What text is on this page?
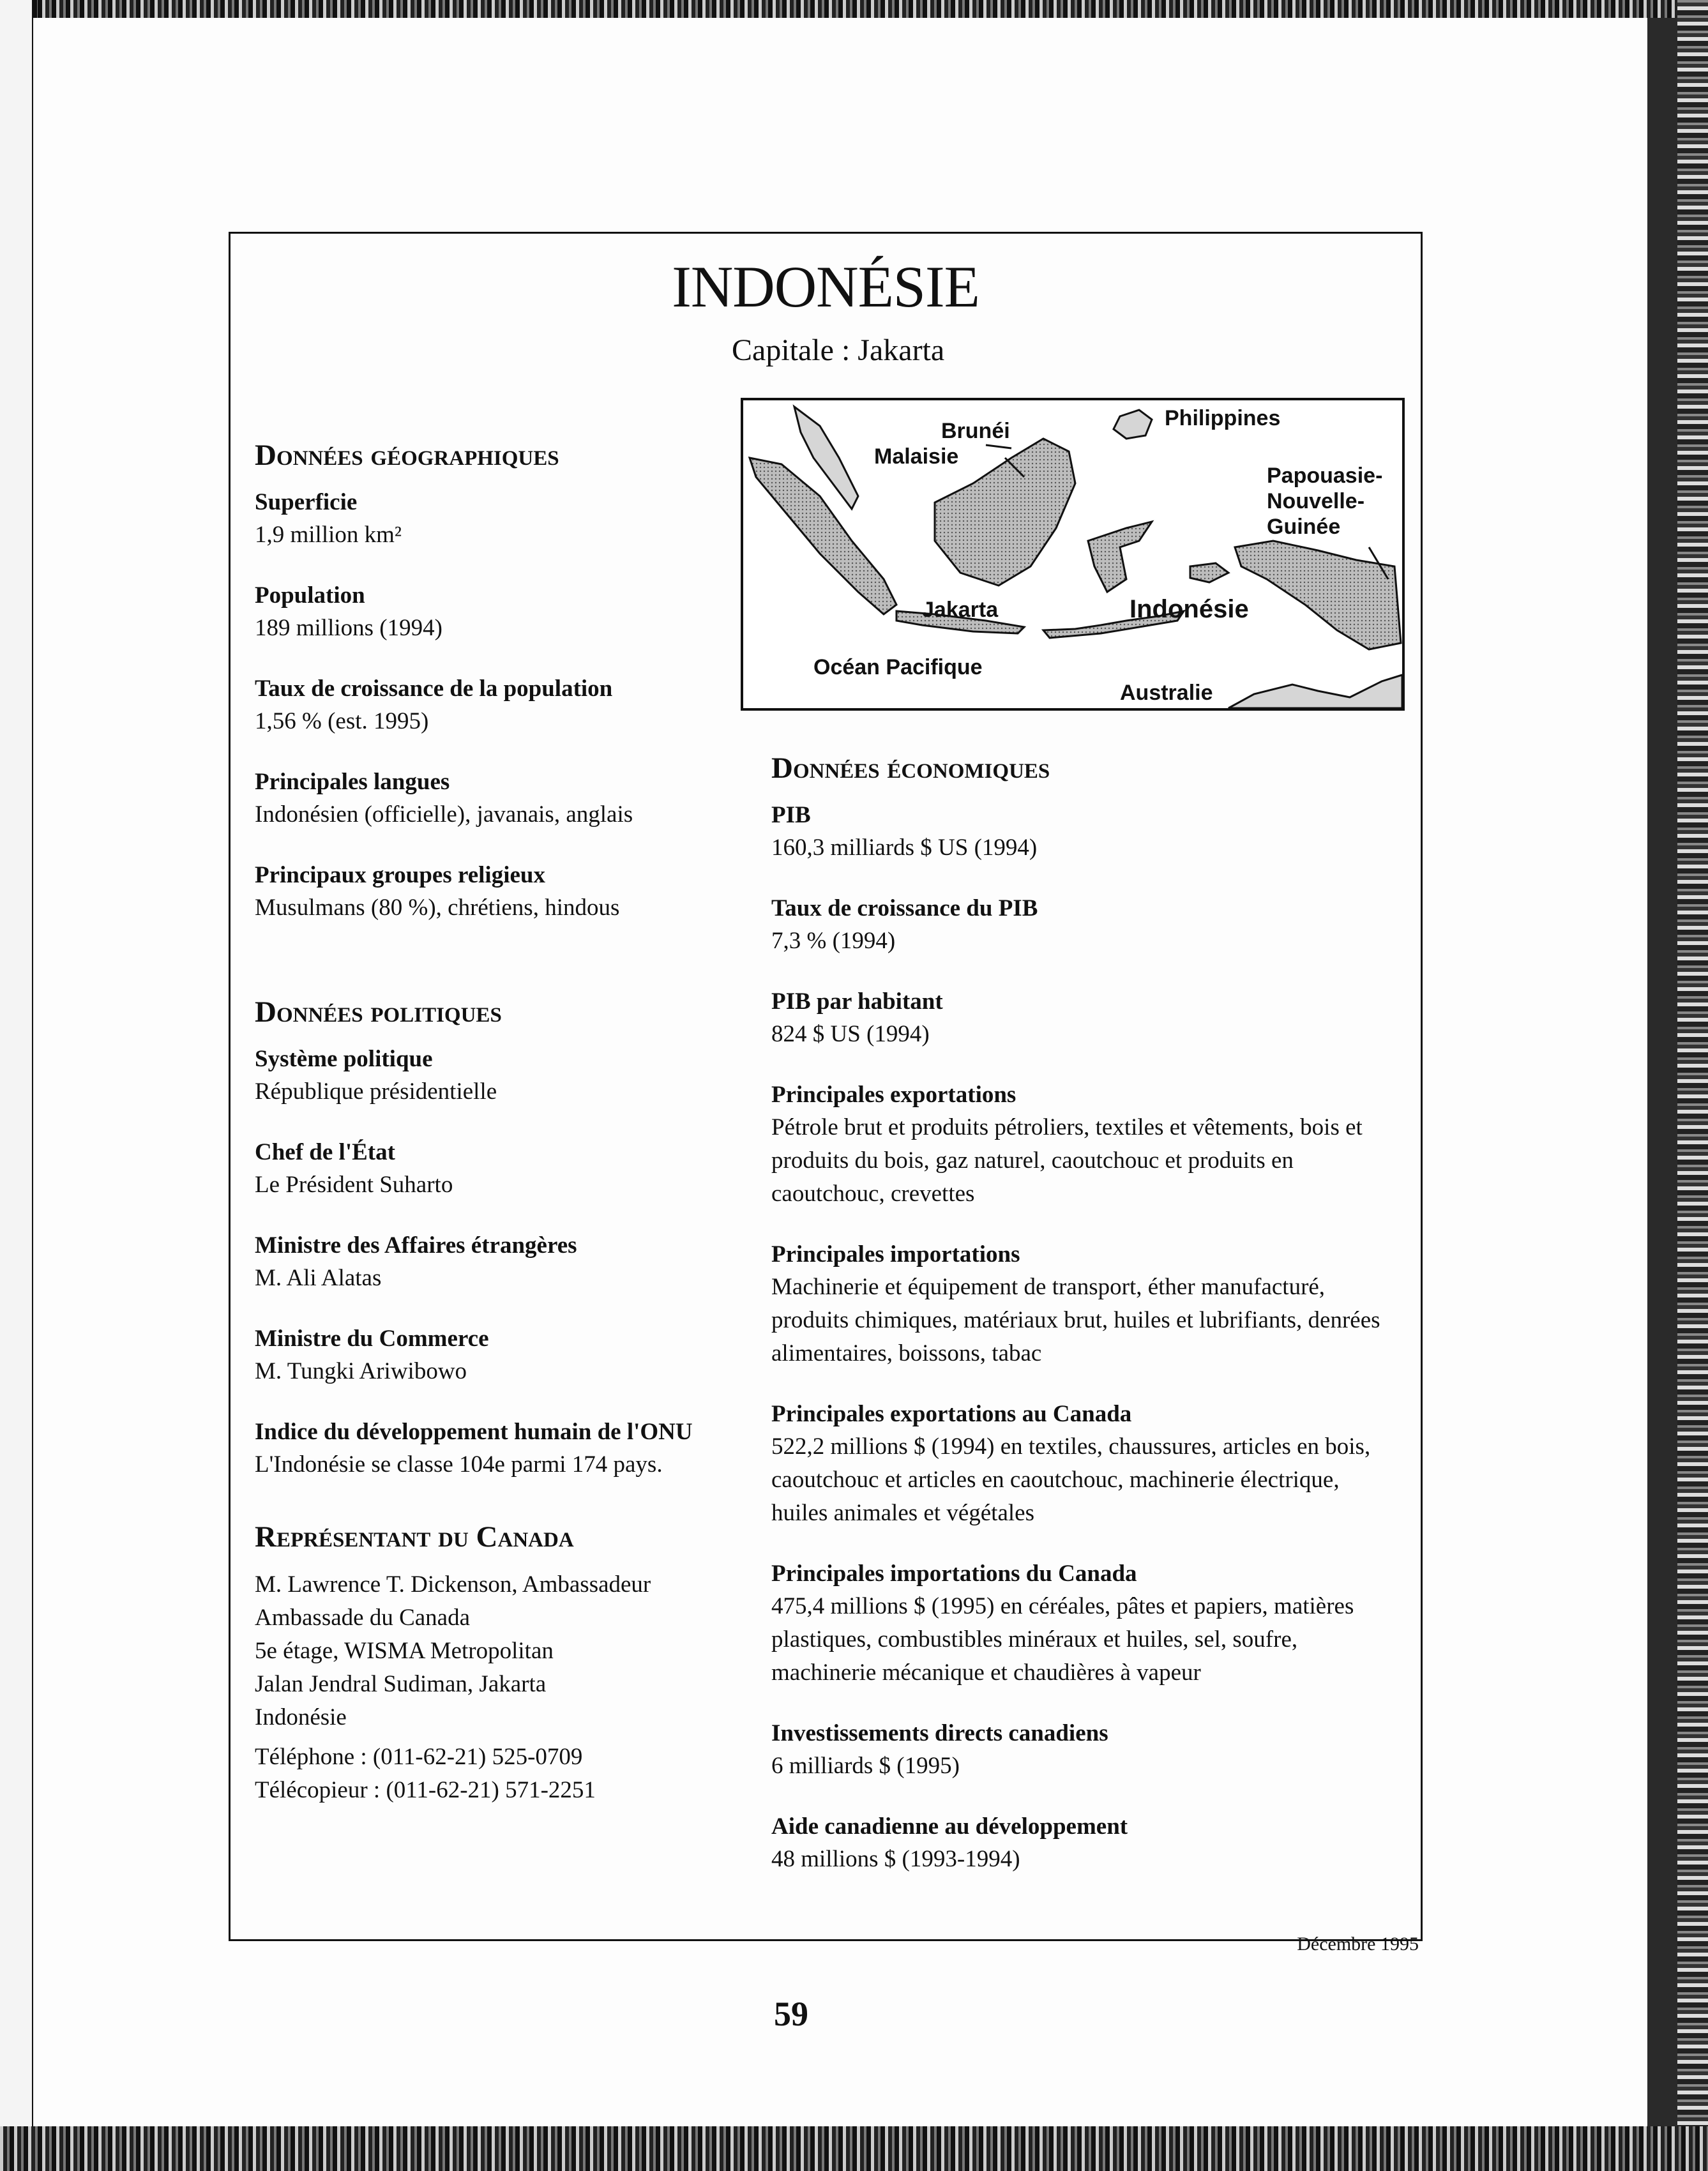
INDONÉSIE
Capitale : Jakarta
Brunéi
Malaisie
Philippines
Papouasie-
Nouvelle-
Guinée
Jakarta	Indonésie
Océan Pacifique
Australie
Données géographiques
Superficie
1,9 million km²
Population
189 millions (1994)
Taux de croissance de la population
1,56 % (est. 1995)
Principales langues
Indonésien (officielle), javanais, anglais
Principaux groupes religieux
Musulmans (80 %), chrétiens, hindous
Données politiques
Système politique
République présidentielle
Chef de l'État
Le Président Suharto
Ministre des Affaires étrangères
M. Ali Alatas
Ministre du Commerce
M. Tungki Ariwibowo
Indice du développement humain de l'ONU
L'Indonésie se classe 104e parmi 174 pays.
Représentant du Canada
M. Lawrence T. Dickenson, Ambassadeur
Ambassade du Canada
5e étage, WISMA Metropolitan
Jalan Jendral Sudiman, Jakarta
Indonésie
Téléphone : (011-62-21) 525-0709
Télécopieur : (011-62-21) 571-2251
Données économiques
PIB
160,3 milliards $ US (1994)
Taux de croissance du PIB
7,3 % (1994)
PIB par habitant
824 $ US (1994)
Principales exportations
Pétrole brut et produits pétroliers, textiles et vêtements, bois et
produits du bois, gaz naturel, caoutchouc et produits en
caoutchouc, crevettes
Principales importations
Machinerie et équipement de transport, éther manufacturé,
produits chimiques, matériaux brut, huiles et lubrifiants, denrées
alimentaires, boissons, tabac
Principales exportations au Canada
522,2 millions $ (1994) en textiles, chaussures, articles en bois,
caoutchouc et articles en caoutchouc, machinerie électrique,
huiles animales et végétales
Principales importations du Canada
475,4 millions $ (1995) en céréales, pâtes et papiers, matières
plastiques, combustibles minéraux et huiles, sel, soufre,
machinerie mécanique et chaudières à vapeur
Investissements directs canadiens
6 milliards $ (1995)
Aide canadienne au développement
48 millions $ (1993-1994)
Décembre 1995
59
